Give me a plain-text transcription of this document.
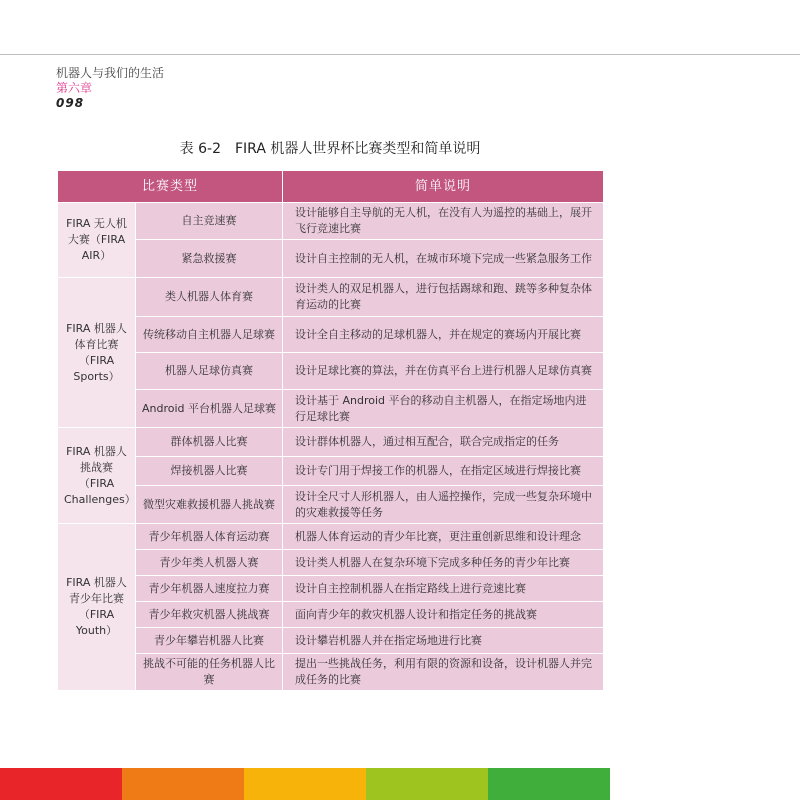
机器人与我们的生活
第六章
098
表 6-2　FIRA 机器人世界杯比赛类型和简单说明
比赛类型		简单说明
FIRA 无人机大赛（FIRA AIR）	自主竞速赛	设计能够自主导航的无人机，在没有人为遥控的基础上，展开飞行竞速比赛
	紧急救援赛	设计自主控制的无人机，在城市环境下完成一些紧急服务工作
FIRA 机器人体育比赛（FIRA Sports）	类人机器人体育赛	设计类人的双足机器人，进行包括踢球和跑、跳等多种复杂体育运动的比赛
	传统移动自主机器人足球赛	设计全自主移动的足球机器人，并在规定的赛场内开展比赛
	机器人足球仿真赛	设计足球比赛的算法，并在仿真平台上进行机器人足球仿真赛
	Android 平台机器人足球赛	设计基于 Android 平台的移动自主机器人，在指定场地内进行足球比赛
FIRA 机器人挑战赛（FIRA Challenges）	群体机器人比赛	设计群体机器人，通过相互配合，联合完成指定的任务
	焊接机器人比赛	设计专门用于焊接工作的机器人，在指定区域进行焊接比赛
	微型灾难救援机器人挑战赛	设计全尺寸人形机器人，由人遥控操作，完成一些复杂环境中的灾难救援等任务
FIRA 机器人青少年比赛（FIRA Youth）	青少年机器人体育运动赛	机器人体育运动的青少年比赛，更注重创新思维和设计理念
	青少年类人机器人赛	设计类人机器人在复杂环境下完成多种任务的青少年比赛
	青少年机器人速度拉力赛	设计自主控制机器人在指定路线上进行竞速比赛
	青少年救灾机器人挑战赛	面向青少年的救灾机器人设计和指定任务的挑战赛
	青少年攀岩机器人比赛	设计攀岩机器人并在指定场地进行比赛
	挑战不可能的任务机器人比赛	提出一些挑战任务，利用有限的资源和设备，设计机器人并完成任务的比赛
